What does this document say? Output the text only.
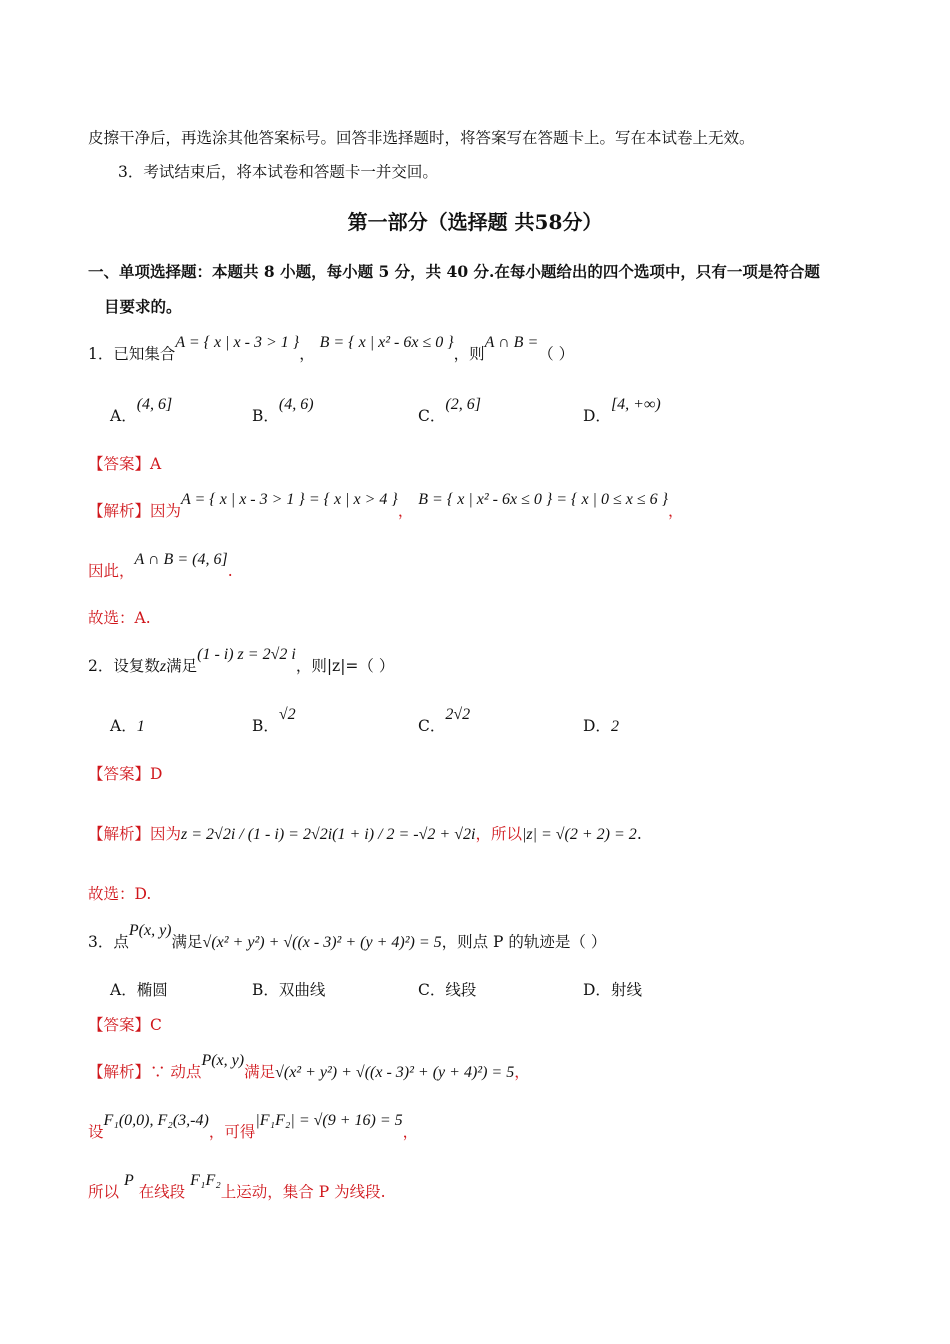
皮擦干净后，再选涂其他答案标号。回答非选择题时，将答案写在答题卡上。写在本试卷上无效。
3．考试结束后，将本试卷和答题卡一并交回。
第一部分（选择题 共58分）
一、单项选择题：本题共 8 小题，每小题 5 分，共 40 分.在每小题给出的四个选项中，只有一项是符合题
目要求的。
1．已知集合A = { x | x - 3 > 1 }， B = { x | x² - 6x ≤ 0 }，则A ∩ B =（ ）
A．(4, 6]
B．(4, 6)
C．(2, 6]
D．[4, +∞)
【答案】A
【解析】因为A = { x | x - 3 > 1 } = { x | x > 4 }， B = { x | x² - 6x ≤ 0 } = { x | 0 ≤ x ≤ 6 }，
因此，A ∩ B = (4, 6].
故选：A.
2．设复数z满足(1 - i) z = 2√2 i，则|z|=（ ）
A．1	B．√2
C．2√2
D．2
【答案】D
【解析】因为z = 2√2i / (1 - i) = 2√2i(1 + i) / 2 = -√2 + √2i，所以|z| = √(2 + 2) = 2.
故选：D.
3．点P(x, y)满足√(x² + y²) + √((x - 3)² + (y + 4)²) = 5，则点 P 的轨迹是（ ）
A．椭圆	B．双曲线	C．线段	D．射线
【答案】C
【解析】∵ 动点P(x, y)满足√(x² + y²) + √((x - 3)² + (y + 4)²) = 5，
设F₁(0,0), F₂(3,-4)，可得|F₁F₂| = √(9 + 16) = 5，
所以 P 在线段 F₁F₂上运动，集合 P 为线段.
